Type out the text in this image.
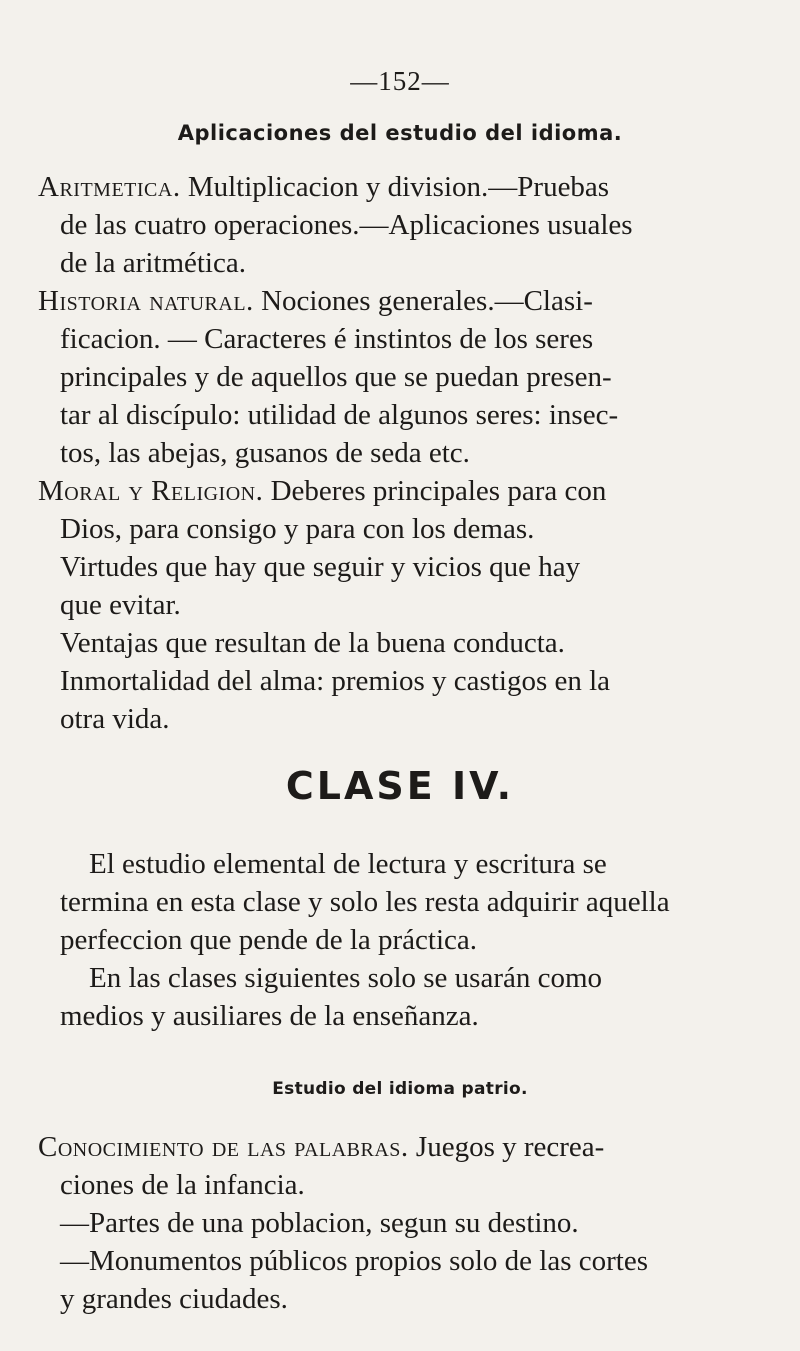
—152—
Aplicaciones del estudio del idioma.
Aritmetica. Multiplicacion y division.—Pruebas
de las cuatro operaciones.—Aplicaciones usuales
de la aritmética.
Historia natural. Nociones generales.—Clasi-
ficacion. — Caracteres é instintos de los seres
principales y de aquellos que se puedan presen-
tar al discípulo: utilidad de algunos seres: insec-
tos, las abejas, gusanos de seda etc.
Moral y Religion. Deberes principales para con
Dios, para consigo y para con los demas.
Virtudes que hay que seguir y vicios que hay
que evitar.
Ventajas que resultan de la buena conducta.
Inmortalidad del alma: premios y castigos en la
otra vida.
CLASE IV.
El estudio elemental de lectura y escritura se
termina en esta clase y solo les resta adquirir aquella
perfeccion que pende de la práctica.
En las clases siguientes solo se usarán como
medios y ausiliares de la enseñanza.
Estudio del idioma patrio.
Conocimiento de las palabras. Juegos y recrea-
ciones de la infancia.
—Partes de una poblacion, segun su destino.
—Monumentos públicos propios solo de las cortes
y grandes ciudades.
